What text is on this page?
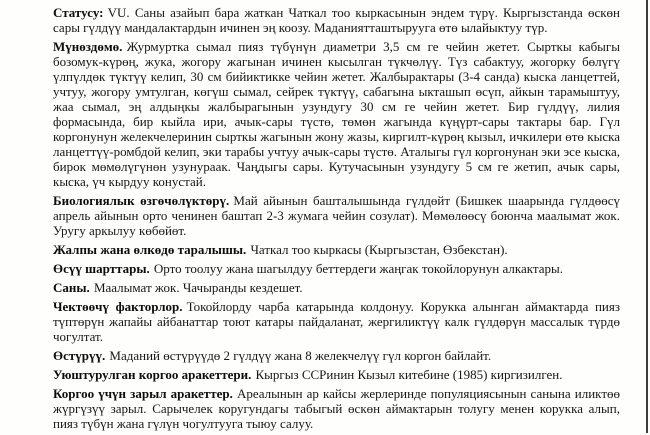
Статусу: VU. Саны азайып бара жаткан Чаткал тоо кыркасынын эндем түрү. Кыргызстанда өскөн сары гүлдүү мандалактардын ичинен эң коозу. Маданиятташтырууга өтө ылайыктуу түр.

Мүнөздөмө. Журмуртка сымал пияз түбүнүн диаметри 3,5 см ге чейин жетет. Сырткы кабыгы бозомук-күрөң, жука, жогору жагынан ичинен кысылган түкчөлүү. Түз сабактуу, жогорку бөлүгү үлпүлдөк түктүү келип, 30 см бийиктикке чейин жетет. Жалбырактары (3-4 санда) кыска ланцеттей, учтуу, жогору умтулган, көгүш сымал, сейрек түктүү, сабагына ыкташып өсүп, айкын тарамыштуу, жаа сымал, эң алдыңкы жалбырагынын узундугу 30 см ге чейин жетет. Бир гүлдүү, лилия формасында, бир кыйла ири, ачык-сары түстө, төмөн жагында күңүрт-сары тактары бар. Гүл коргонунун желекчелеринин сырткы жагынын жону жазы, киргилт-күрөң кызыл, ичкилери өтө кыска ланцеттүү-ромбдой келип, эки тарабы учтуу ачык-сары түстө. Аталыгы гүл коргонунан эки эсе кыска, бирок мөмөлүгүнөн узунураак. Чаңдыгы сары. Кутучасынын узундугу 5 см ге жетип, ачык сары, кыска, үч кырдуу конустай.

Биологиялык өзгөчөлүктөрү. Май айынын башталышында гүлдөйт (Бишкек шаарында гүлдөөсү апрель айынын орто ченинен баштап 2-3 жумага чейин созулат). Мөмөлөөсү боюнча маалымат жок. Уругу аркылуу көбөйөт.

Жалпы жана өлкөдө таралышы. Чаткал тоо кыркасы (Кыргызстан, Өзбекстан).

Өсүү шарттары. Орто тоолуу жана шагылдуу беттердеги жаңгак токойлорунун алкактары.

Саны. Маалымат жок. Чачыранды кездешет.

Чектөөчү факторлор. Токойлорду чарба катарында колдонуу. Корукка алынган аймактарда пияз түптөрүн жапайы айбанаттар тоют катары пайдаланат, жергиликтүү калк гүлдөрүн массалык түрдө чогултат.

Өстүрүү. Маданий өстүрүүдө 2 гүлдүү жана 8 желекчелүү гүл коргон байлайт.

Уюштурулган коргоо аракеттери. Кыргыз ССРинин Кызыл китебине (1985) киргизилген.

Коргоо үчүн зарыл аракеттер. Ареалынын ар кайсы жерлеринде популяциясынын санына иликтөө жүргүзүү зарыл. Сарычелек коругундагы табыгый өскөн аймактарын толугу менен корукка алып, пияз түбүн жана гүлүн чогултууга тыюу салуу.
